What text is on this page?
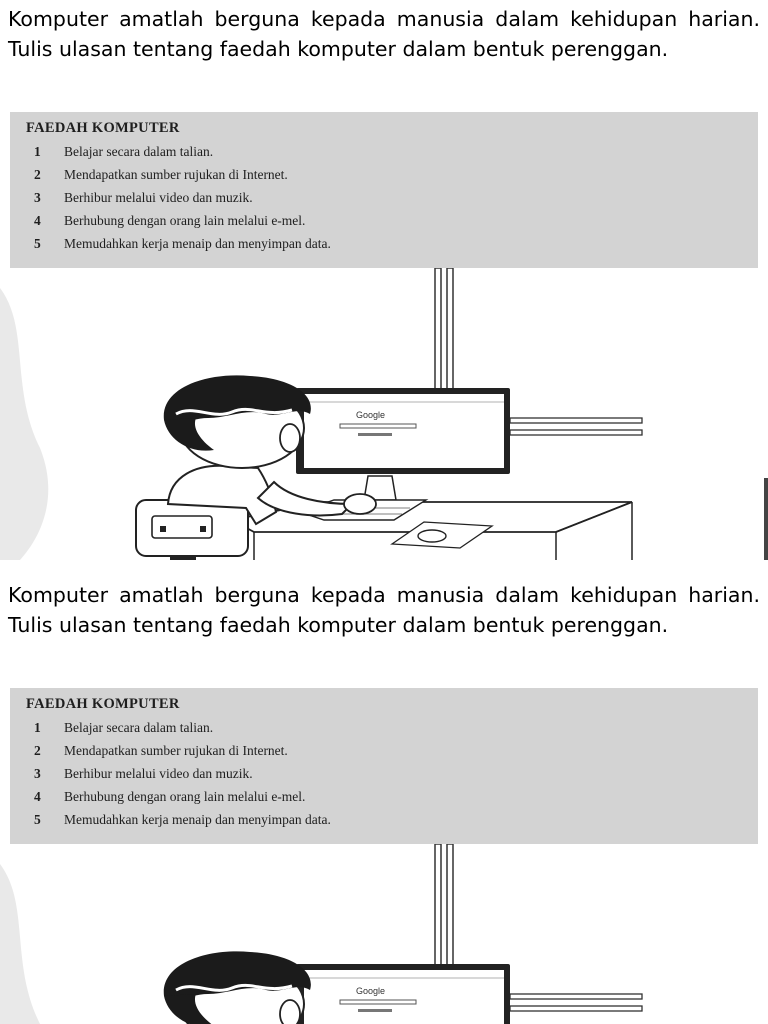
Komputer amatlah berguna kepada manusia dalam kehidupan harian. Tulis ulasan tentang faedah komputer dalam bentuk perenggan.

FAEDAH KOMPUTER
1 Belajar secara dalam talian.
2 Mendapatkan sumber rujukan di Internet.
3 Berhibur melalui video dan muzik.
4 Berhubung dengan orang lain melalui e-mel.
5 Memudahkan kerja menaip dan menyimpan data.
Google

Komputer amatlah berguna kepada manusia dalam kehidupan harian. Tulis ulasan tentang faedah komputer dalam bentuk perenggan.

FAEDAH KOMPUTER
1 Belajar secara dalam talian.
2 Mendapatkan sumber rujukan di Internet.
3 Berhibur melalui video dan muzik.
4 Berhubung dengan orang lain melalui e-mel.
5 Memudahkan kerja menaip dan menyimpan data.
Google
